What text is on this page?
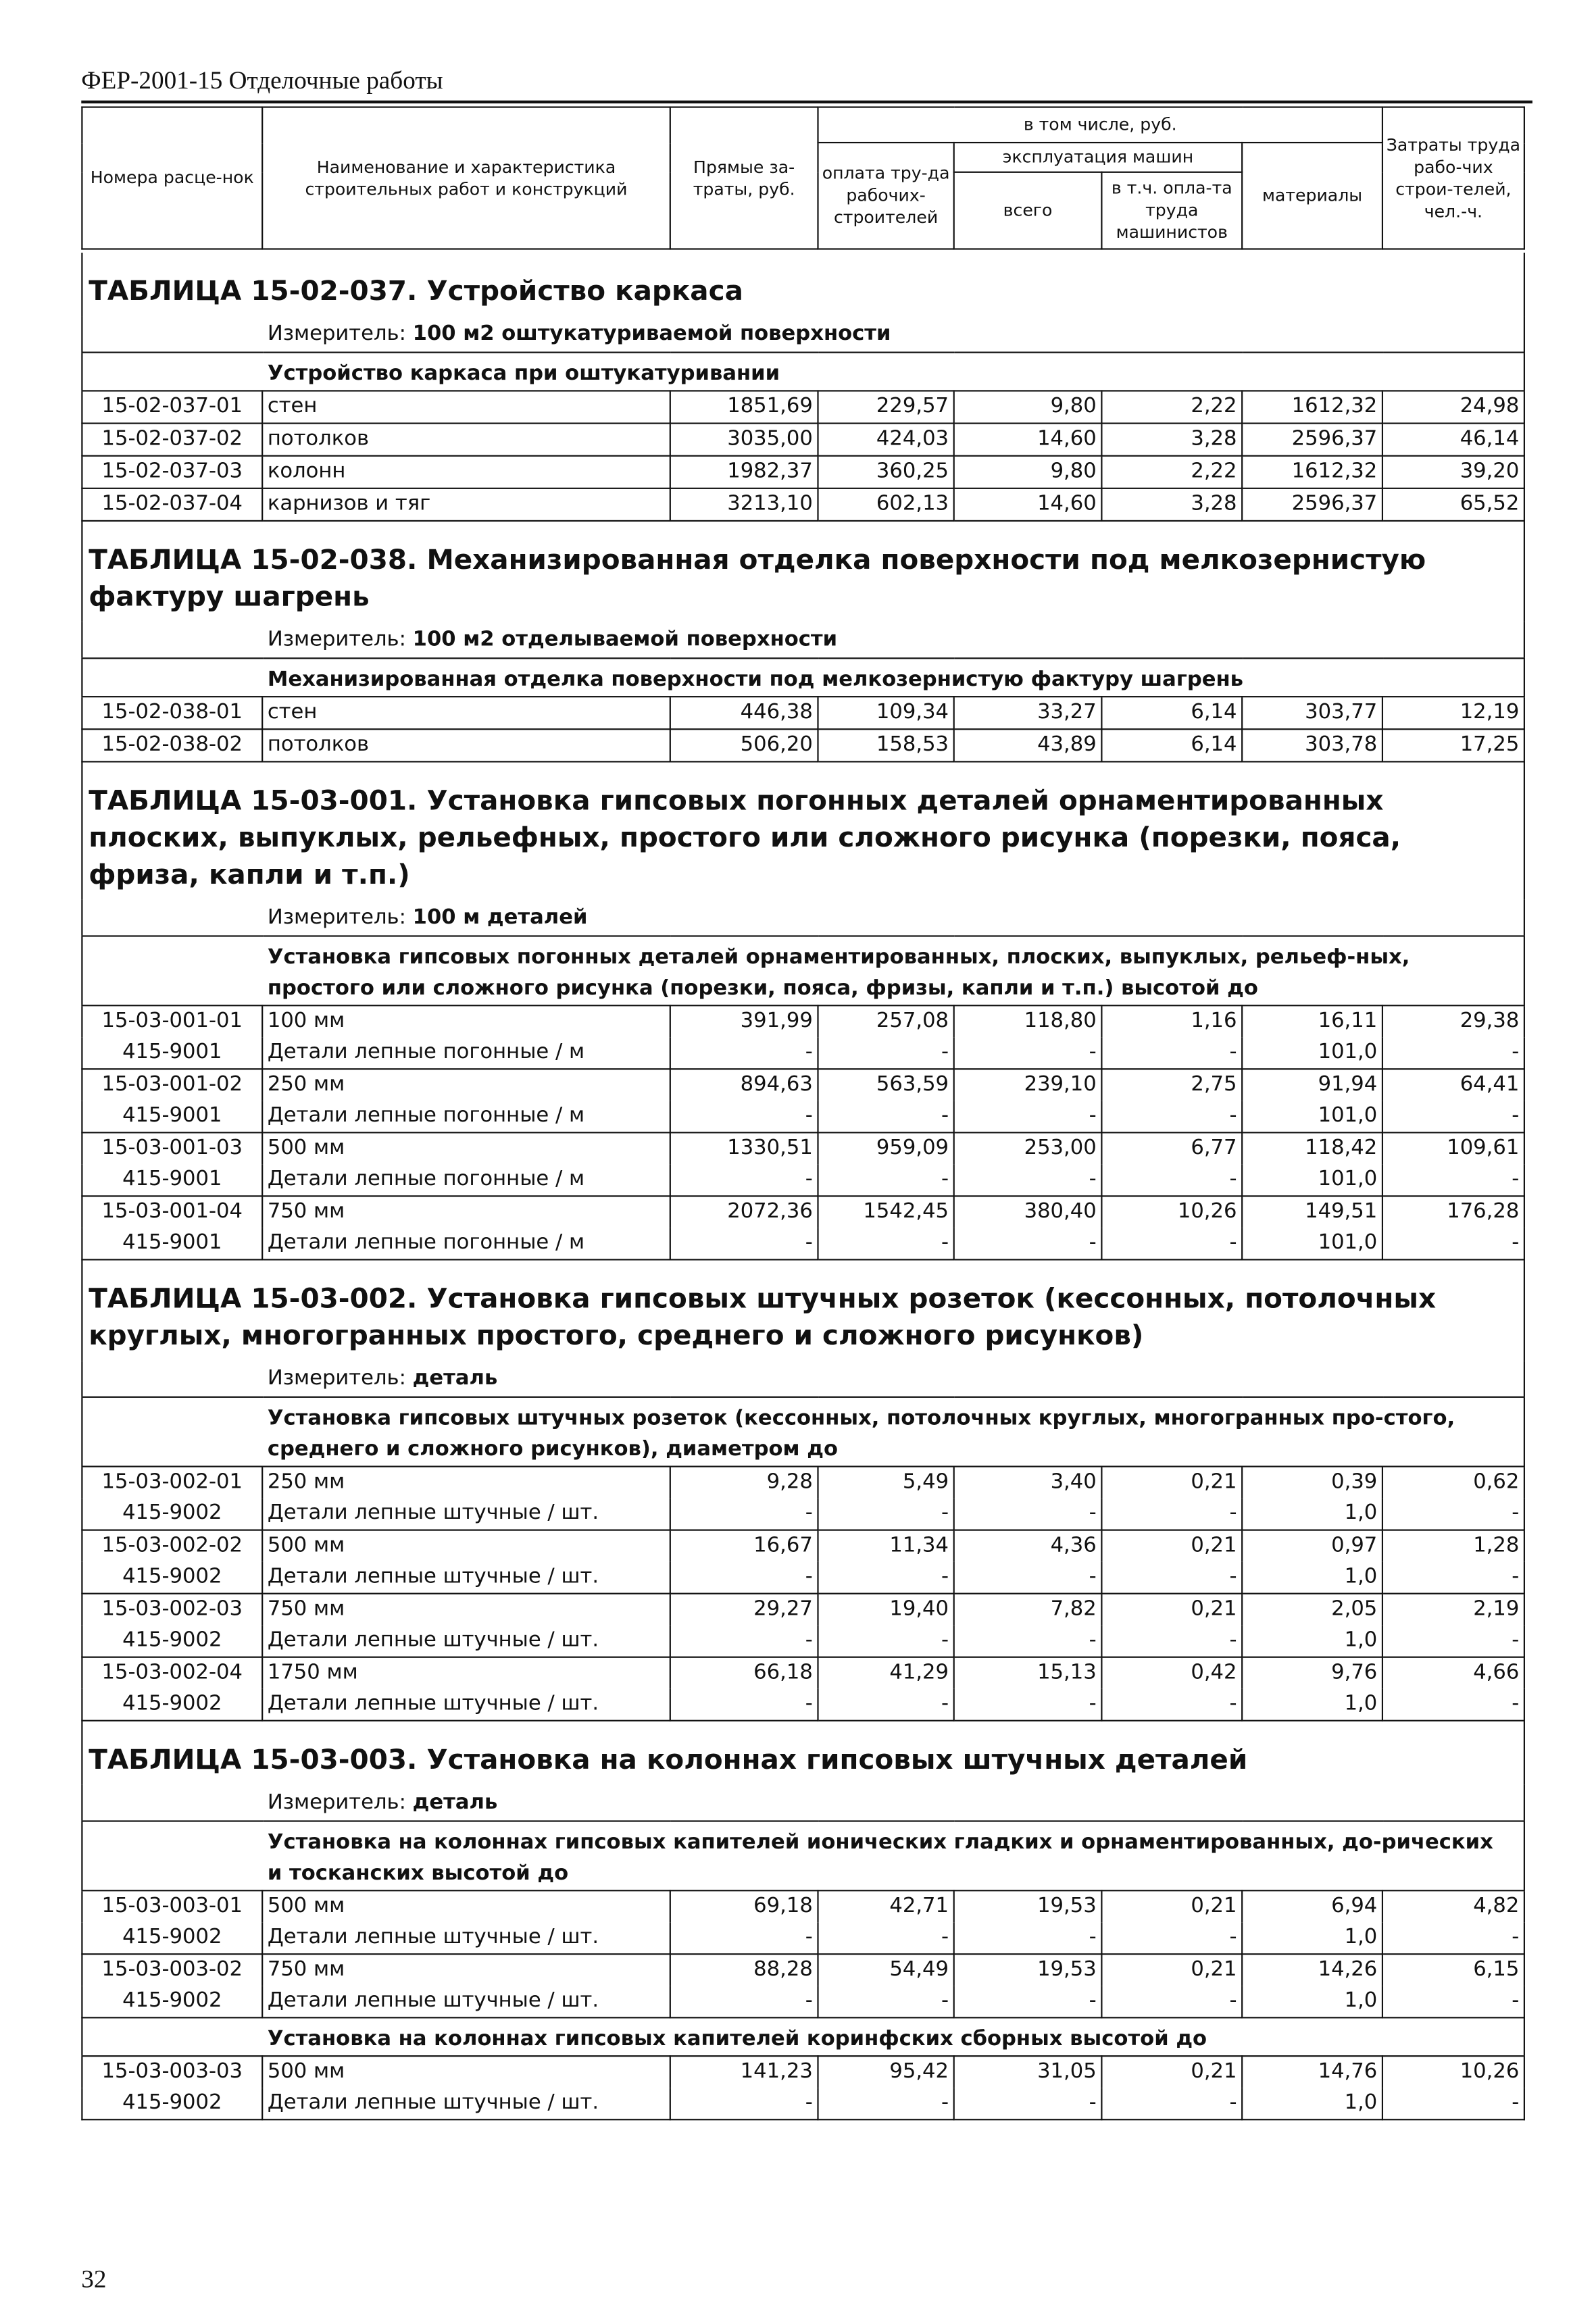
ФЕР-2001-15 Отделочные работы
Номера расце-нок	Наименование и характеристика строительных работ и конструкций	Прямые за-траты, руб.	в том числе, руб.				Затраты труда рабо-чих строи-телей, чел.-ч.
			оплата тру-да рабочих-строителей	эксплуатация машин		материалы	
				всего	в т.ч. опла-та труда машинистов		
ТАБЛИЦА 15-02-037. Устройство каркаса							
Измеритель: 100 м2 оштукатуриваемой поверхности							
Устройство каркаса при оштукатуривании							
15-02-037-01	стен	1851,69	229,57	9,80	2,22	1612,32	24,98
15-02-037-02	потолков	3035,00	424,03	14,60	3,28	2596,37	46,14
15-02-037-03	колонн	1982,37	360,25	9,80	2,22	1612,32	39,20
15-02-037-04	карнизов и тяг	3213,10	602,13	14,60	3,28	2596,37	65,52
ТАБЛИЦА 15-02-038. Механизированная отделка поверхности под мелкозернистую фактуру шагрень							
Измеритель: 100 м2 отделываемой поверхности							
Механизированная отделка поверхности под мелкозернистую фактуру шагрень							
15-02-038-01	стен	446,38	109,34	33,27	6,14	303,77	12,19
15-02-038-02	потолков	506,20	158,53	43,89	6,14	303,78	17,25
ТАБЛИЦА 15-03-001. Установка гипсовых погонных деталей орнаментированных плоских, выпуклых, рельефных, простого или сложного рисунка (порезки, пояса, фриза, капли и т.п.)							
Измеритель: 100 м деталей							
Установка гипсовых погонных деталей орнаментированных, плоских, выпуклых, рельеф-ных, простого или сложного рисунка (порезки, пояса, фризы, капли и т.п.) высотой до							
15-03-001-01	100 мм	391,99	257,08	118,80	1,16	16,11	29,38
415-9001	Детали лепные погонные / м	-	-	-	-	101,0	-
15-03-001-02	250 мм	894,63	563,59	239,10	2,75	91,94	64,41
415-9001	Детали лепные погонные / м	-	-	-	-	101,0	-
15-03-001-03	500 мм	1330,51	959,09	253,00	6,77	118,42	109,61
415-9001	Детали лепные погонные / м	-	-	-	-	101,0	-
15-03-001-04	750 мм	2072,36	1542,45	380,40	10,26	149,51	176,28
415-9001	Детали лепные погонные / м	-	-	-	-	101,0	-
ТАБЛИЦА 15-03-002. Установка гипсовых штучных розеток (кессонных, потолочных круглых, многогранных простого, среднего и сложного рисунков)							
Измеритель: деталь							
Установка гипсовых штучных розеток (кессонных, потолочных круглых, многогранных про-стого, среднего и сложного рисунков), диаметром до							
15-03-002-01	250 мм	9,28	5,49	3,40	0,21	0,39	0,62
415-9002	Детали лепные штучные / шт.	-	-	-	-	1,0	-
15-03-002-02	500 мм	16,67	11,34	4,36	0,21	0,97	1,28
415-9002	Детали лепные штучные / шт.	-	-	-	-	1,0	-
15-03-002-03	750 мм	29,27	19,40	7,82	0,21	2,05	2,19
415-9002	Детали лепные штучные / шт.	-	-	-	-	1,0	-
15-03-002-04	1750 мм	66,18	41,29	15,13	0,42	9,76	4,66
415-9002	Детали лепные штучные / шт.	-	-	-	-	1,0	-
ТАБЛИЦА 15-03-003. Установка на колоннах гипсовых штучных деталей							
Измеритель: деталь							
Установка на колоннах гипсовых капителей ионических гладких и орнаментированных, до-рических и тосканских высотой до							
15-03-003-01	500 мм	69,18	42,71	19,53	0,21	6,94	4,82
415-9002	Детали лепные штучные / шт.	-	-	-	-	1,0	-
15-03-003-02	750 мм	88,28	54,49	19,53	0,21	14,26	6,15
415-9002	Детали лепные штучные / шт.	-	-	-	-	1,0	-
Установка на колоннах гипсовых капителей коринфских сборных высотой до							
15-03-003-03	500 мм	141,23	95,42	31,05	0,21	14,76	10,26
415-9002	Детали лепные штучные / шт.	-	-	-	-	1,0	-
32
